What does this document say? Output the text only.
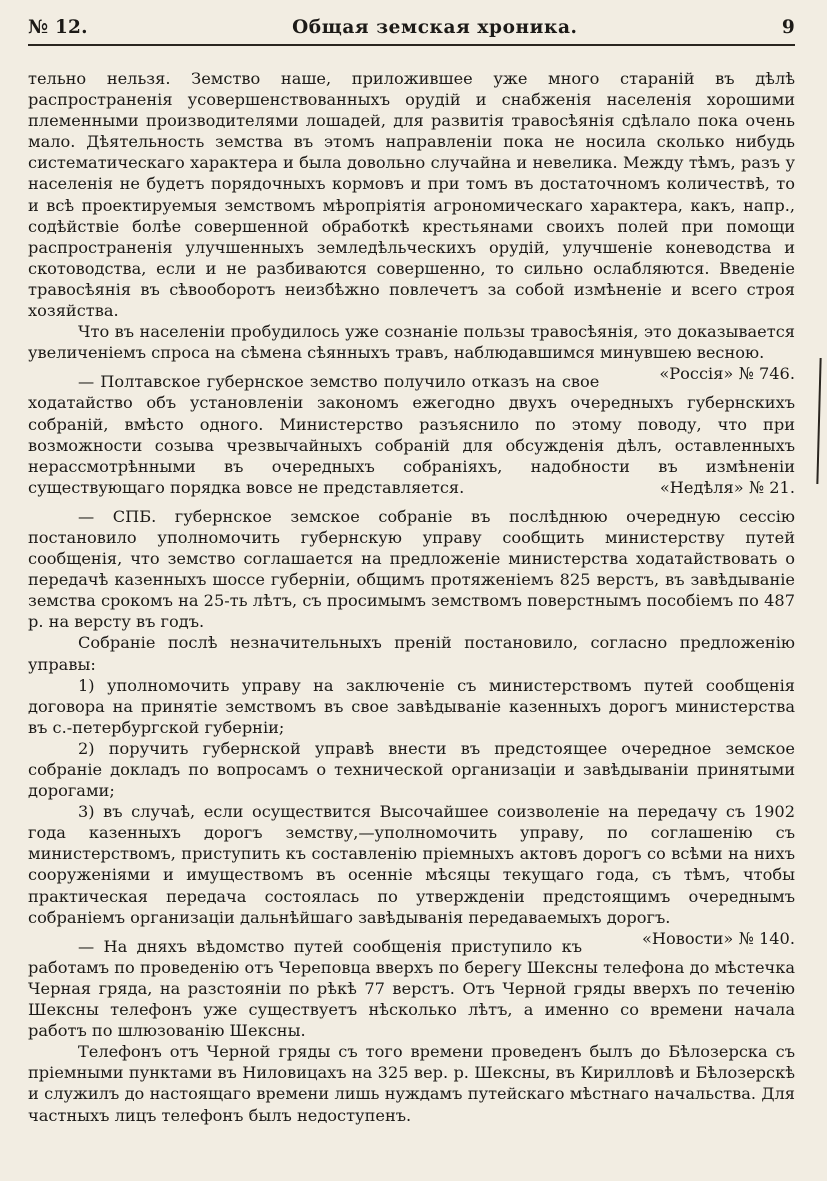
№ 12.	Общая земская хроника.	9

тельно нельзя. Земство наше, приложившее уже много стараній въ дѣлѣ распространенія усовершенствованныхъ орудій и снабженія населенія хорошими племенными производителями лошадей, для развитія травосѣянія сдѣлало пока очень мало. Дѣятельность земства въ этомъ направленіи пока не носила сколько нибудь систематическаго характера и была довольно случайна и невелика. Между тѣмъ, разъ у населенія не будетъ порядочныхъ кормовъ и при томъ въ достаточномъ количествѣ, то и всѣ проектируемыя земствомъ мѣропріятія агрономическаго характера, какъ, напр., содѣйствіе болѣе совершенной обработкѣ крестьянами своихъ полей при помощи распространенія улучшенныхъ земледѣльческихъ орудій, улучшеніе коневодства и скотоводства, если и не разбиваются совершенно, то сильно ослабляются. Введеніе травосѣянія въ сѣвооборотъ неизбѣжно повлечетъ за собой измѣненіе и всего строя хозяйства.

Что въ населеніи пробудилось уже сознаніе пользы травосѣянія, это доказывается увеличеніемъ спроса на сѣмена сѣянныхъ травъ, наблюдавшимся минувшею весною.
«Россія» № 746.

— Полтавское губернское земство получило отказъ на свое ходатайство объ установленіи закономъ ежегодно двухъ очередныхъ губернскихъ собраній, вмѣсто одного. Министерство разъяснило по этому поводу, что при возможности созыва чрезвычайныхъ собраній для обсужденія дѣлъ, оставленныхъ нерасcмотрѣнными въ очередныхъ собраніяхъ, надобности въ измѣненіи существующаго порядка вовсе не представляется.	«Недѣля» № 21.

— СПБ. губернское земское собраніе въ послѣднюю очередную сессію постановило уполномочить губернскую управу сообщить министерству путей сообщенія, что земство соглашается на предложеніе министерства ходатайствовать о передачѣ казенныхъ шоссе губерніи, общимъ протяженіемъ 825 верстъ, въ завѣдываніе земства срокомъ на 25-ть лѣтъ, съ просимымъ земствомъ поверстнымъ пособіемъ по 487 р. на версту въ годъ.

Собраніе послѣ незначительныхъ преній постановило, согласно предложенію управы:

1) уполномочить управу на заключеніе съ министерствомъ путей сообщенія договора на принятіе земствомъ въ свое завѣдываніе казенныхъ дорогъ министерства въ с.-петербургской губерніи;

2) поручить губернской управѣ внести въ предстоящее очередное земское собраніе докладъ по вопросамъ о технической организаціи и завѣдываніи принятыми дорогами;

3) въ случаѣ, если осуществится Высочайшее соизволеніе на передачу съ 1902 года казенныхъ дорогъ земству,—уполномочить управу, по соглашенію съ министерствомъ, приступить къ составленію пріемныхъ актовъ дорогъ со всѣми на нихъ сооруженіями и имуществомъ въ осеннiе мѣсяцы текущаго года, съ тѣмъ, чтобы практическая передача состоялась по утвержденіи предстоящимъ очереднымъ собраніемъ организаціи дальнѣйшаго завѣдыванія передаваемыхъ дорогъ.
«Новости» № 140.

— На дняхъ вѣдомство путей сообщенія приступило къ работамъ по проведенію отъ Череповца вверхъ по берегу Шексны телефона до мѣстечка Черная гряда, на разстояніи по рѣкѣ 77 верстъ. Отъ Черной гряды вверхъ по теченію Шексны телефонъ уже существуетъ нѣсколько лѣтъ, а именно со времени начала работъ по шлюзованію Шексны.

Телефонъ отъ Черной гряды съ того времени проведенъ былъ до Бѣлозерска съ пріемными пунктами въ Ниловицахъ на 325 вер. р. Шексны, въ Кирилловѣ и Бѣлозерскѣ и служилъ до настоящаго времени лишь нуждамъ путейскаго мѣстнаго начальства. Для частныхъ лицъ телефонъ былъ недоступенъ.
